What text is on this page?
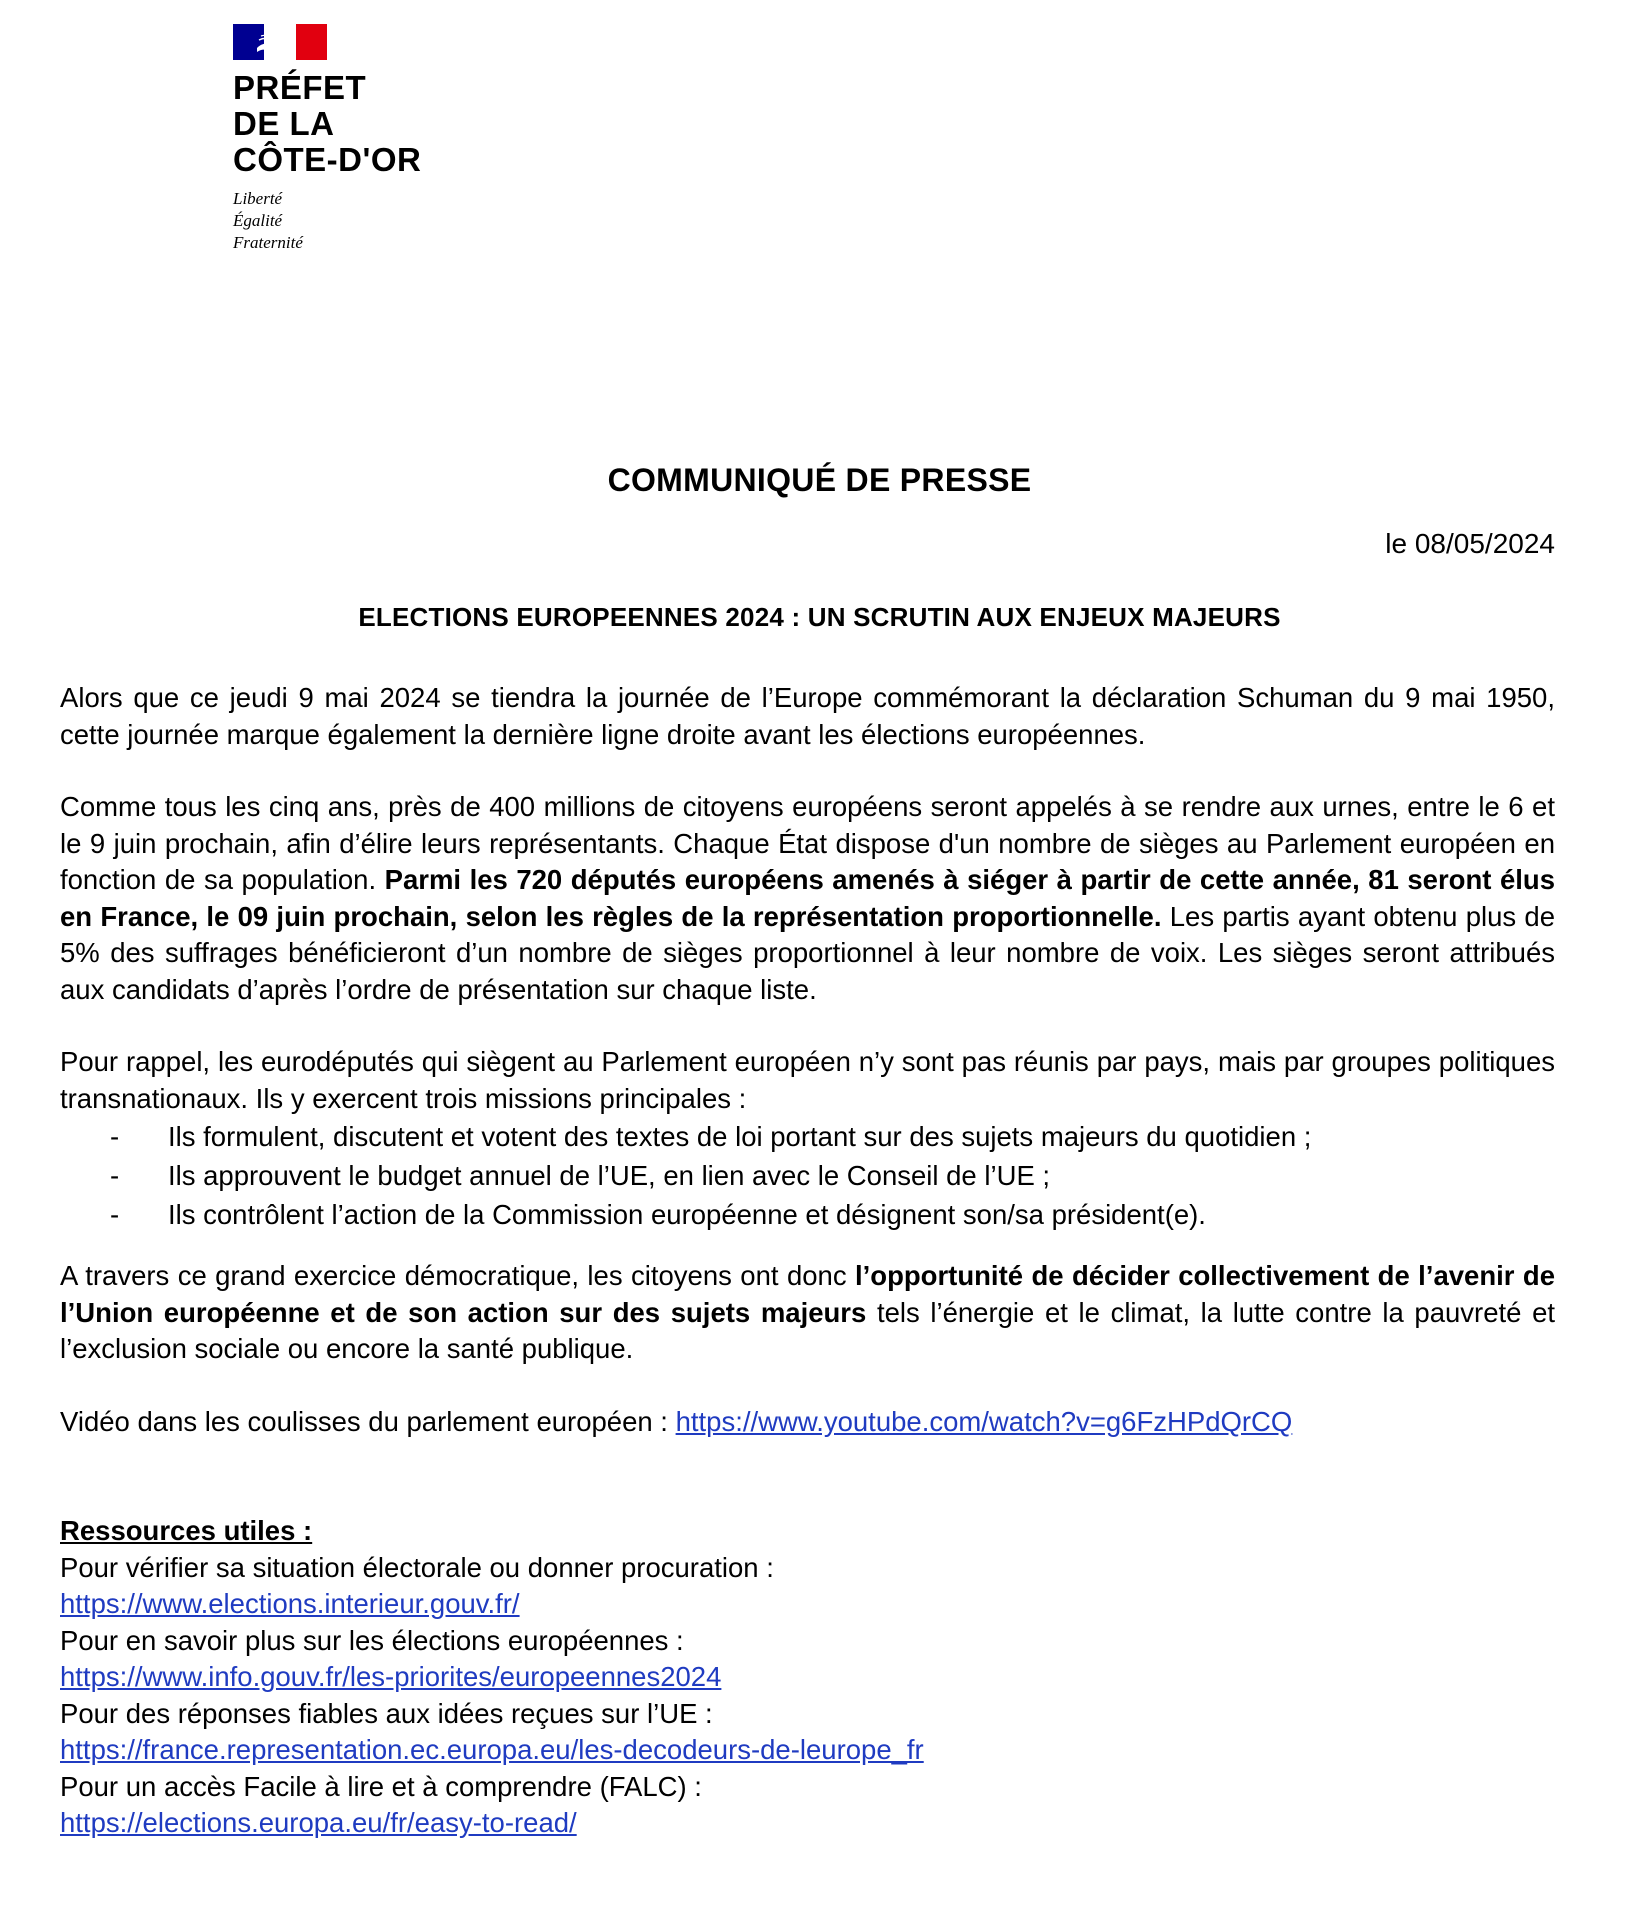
PRÉFET
DE LA
CÔTE-D'OR
Liberté
Égalité
Fraternité
COMMUNIQUÉ DE PRESSE
le 08/05/2024
ELECTIONS EUROPEENNES 2024 : UN SCRUTIN AUX ENJEUX MAJEURS

Alors que ce jeudi 9 mai 2024 se tiendra la journée de l’Europe commémorant la déclaration Schuman du 9 mai 1950, cette journée marque également la dernière ligne droite avant les élections européennes.

Comme tous les cinq ans, près de 400 millions de citoyens européens seront appelés à se rendre aux urnes, entre le 6 et le 9 juin prochain, afin d’élire leurs représentants. Chaque État dispose d'un nombre de sièges au Parlement européen en fonction de sa population. Parmi les 720 députés européens amenés à siéger à partir de cette année, 81 seront élus en France, le 09 juin prochain, selon les règles de la représentation proportionnelle. Les partis ayant obtenu plus de 5% des suffrages bénéficieront d’un nombre de sièges proportionnel à leur nombre de voix. Les sièges seront attribués aux candidats d’après l’ordre de présentation sur chaque liste.

Pour rappel, les eurodéputés qui siègent au Parlement européen n’y sont pas réunis par pays, mais par groupes politiques transnationaux. Ils y exercent trois missions principales :

- Ils formulent, discutent et votent des textes de loi portant sur des sujets majeurs du quotidien ;
- Ils approuvent le budget annuel de l’UE, en lien avec le Conseil de l’UE ;
- Ils contrôlent l’action de la Commission européenne et désignent son/sa président(e).

A travers ce grand exercice démocratique, les citoyens ont donc l’opportunité de décider collectivement de l’avenir de l’Union européenne et de son action sur des sujets majeurs tels l’énergie et le climat, la lutte contre la pauvreté et l’exclusion sociale ou encore la santé publique.

Vidéo dans les coulisses du parlement européen : https://www.youtube.com/watch?v=g6FzHPdQrCQ

Ressources utiles :
Pour vérifier sa situation électorale ou donner procuration :
https://www.elections.interieur.gouv.fr/
Pour en savoir plus sur les élections européennes :
https://www.info.gouv.fr/les-priorites/europeennes2024
Pour des réponses fiables aux idées reçues sur l’UE :
https://france.representation.ec.europa.eu/les-decodeurs-de-leurope_fr
Pour un accès Facile à lire et à comprendre (FALC) :
https://elections.europa.eu/fr/easy-to-read/
